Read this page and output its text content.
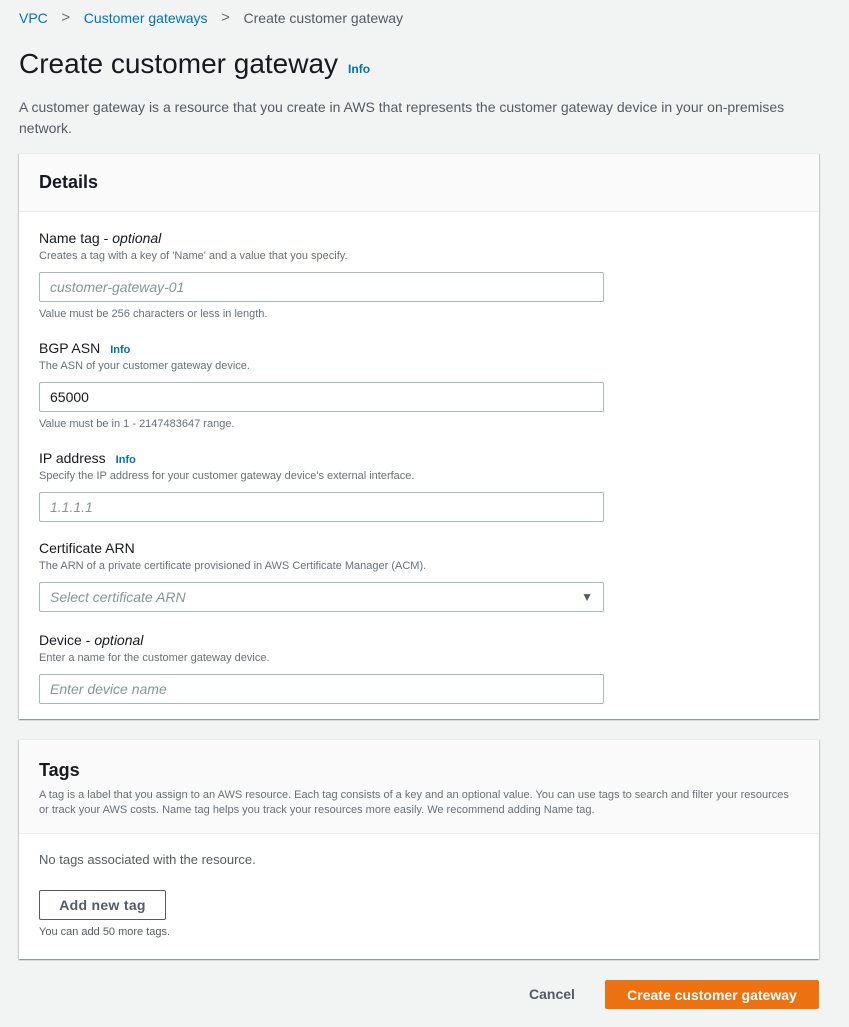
VPC > Customer gateways > Create customer gateway
Create customer gateway Info

A customer gateway is a resource that you create in AWS that represents the customer gateway device in your on-premises network.

Details
Name tag - optional
Creates a tag with a key of 'Name' and a value that you specify.
customer-gateway-01
Value must be 256 characters or less in length.
BGP ASN Info
The ASN of your customer gateway device.
65000
Value must be in 1 - 2147483647 range.
IP address Info
Specify the IP address for your customer gateway device's external interface.
1.1.1.1
Certificate ARN
The ARN of a private certificate provisioned in AWS Certificate Manager (ACM).
Select certificate ARN	▼
Device - optional
Enter a name for the customer gateway device.
Enter device name
Tags

A tag is a label that you assign to an AWS resource. Each tag consists of a key and an optional value. You can use tags to search and filter your resources or track your AWS costs. Name tag helps you track your resources more easily. We recommend adding Name tag.

No tags associated with the resource.
Add new tag
You can add 50 more tags.
Cancel	Create customer gateway
